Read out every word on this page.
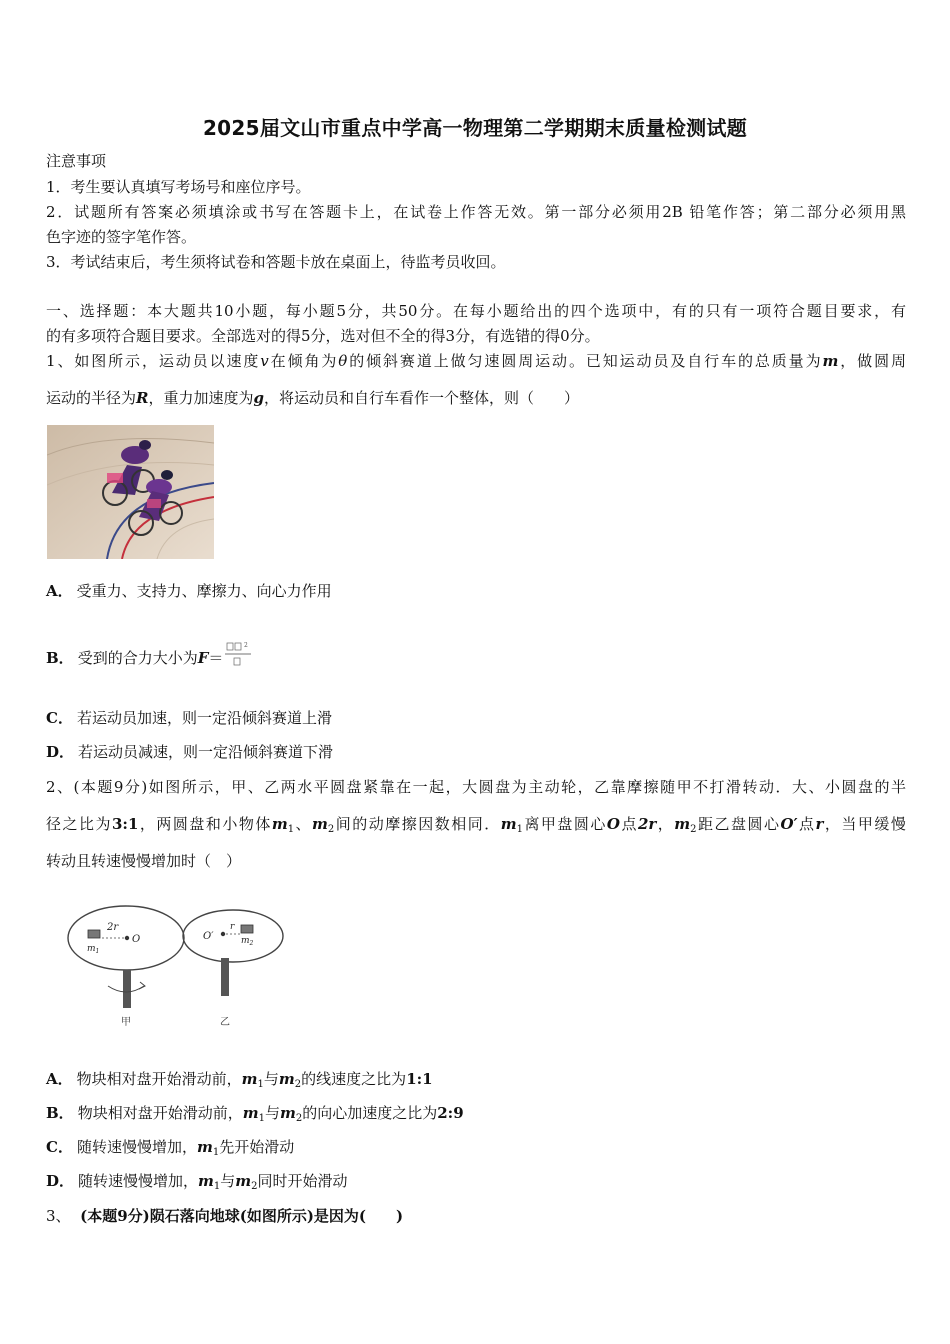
2025届文山市重点中学高一物理第二学期期末质量检测试题
注意事项
1．考生要认真填写考场号和座位序号。
2．试题所有答案必须填涂或书写在答题卡上，在试卷上作答无效。第一部分必须用2B 铅笔作答；第二部分必须用黑
色字迹的签字笔作答。
3．考试结束后，考生须将试卷和答题卡放在桌面上，待监考员收回。
一、选择题：本大题共10小题，每小题5分，共50分。在每小题给出的四个选项中，有的只有一项符合题目要求，有
的有多项符合题目要求。全部选对的得5分，选对但不全的得3分，有选错的得0分。
1、如图所示，运动员以速度v在倾角为θ的倾斜赛道上做匀速圆周运动。已知运动员及自行车的总质量为m，做圆周
运动的半径为R，重力加速度为g，将运动员和自行车看作一个整体，则（　　）
A． 受重力、支持力、摩擦力、向心力作用
B． 受到的合力大小为F＝
2
C． 若运动员加速，则一定沿倾斜赛道上滑
D． 若运动员减速，则一定沿倾斜赛道下滑
2、(本题9分)如图所示，甲、乙两水平圆盘紧靠在一起，大圆盘为主动轮，乙靠摩擦随甲不打滑转动．大、小圆盘的半
径之比为3:1，两圆盘和小物体$m_1$、$m_2$间的动摩擦因数相同．$m_1$离甲盘圆心O点2r，$m_2$距乙盘圆心O′点r，当甲缓慢
转动且转速慢慢增加时（　）
2r
$m_1$
O	O′
r
$m_2$
甲	乙
A． 物块相对盘开始滑动前，$m_1$与$m_2$的线速度之比为1:1
B． 物块相对盘开始滑动前，$m_1$与$m_2$的向心加速度之比为2:9
C． 随转速慢慢增加，$m_1$先开始滑动
D． 随转速慢慢增加，$m_1$与$m_2$同时开始滑动
3、 (本题9分)陨石落向地球(如图所示)是因为(　　)
